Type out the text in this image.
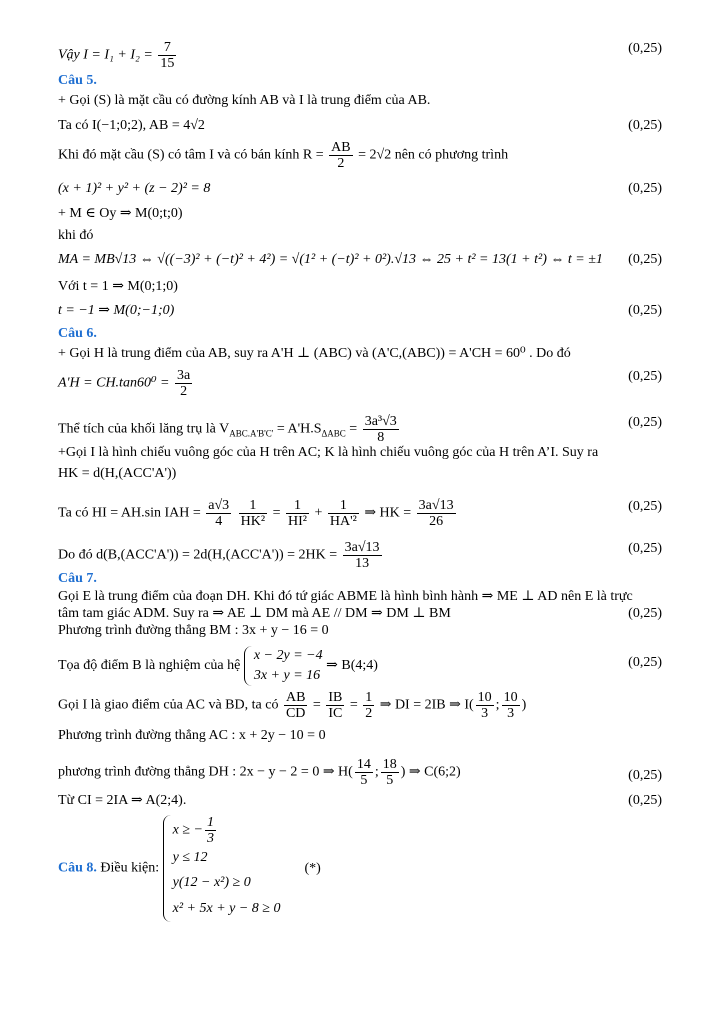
Vậy $I = I_1 + I_2 = \frac{7}{15}$	(0,25)
Câu 5.
+ Gọi (S) là mặt cầu có đường kính AB và I là trung điểm của AB.
Ta có I(−1;0;2), AB = 4√2	(0,25)
Khi đó mặt cầu (S) có tâm I và có bán kính $R = \frac{AB}{2} = 2√2$ nên có phương trình
(x + 1)² + y² + (z − 2)² = 8	(0,25)
+ M ∈ Oy ⇒ M(0;t;0)
khi đó
MA = MB√13 ⇔ √((−3)² + (−t)² + 4²) = √(1² + (−t)² + 0²).√13 ⇔ 25 + t² = 13(1 + t²) ⇔ t = ±1 (0,25)
Với t = 1 ⇒ M(0;1;0)
t = −1 ⇒ M(0;−1;0)	(0,25)
Câu 6.
+ Gọi H là trung điểm của AB, suy ra A'H ⊥ (ABC) và (A'C,(ABC)) = A'CH = 60⁰ . Do đó
$A'H = CH.\tan 60^0 = \frac{3a}{2}$	(0,25)
Thể tích của khối lăng trụ là $V_{ABC.A'B'C'} = A'H.S_{\Delta ABC} = \frac{\text{3a³√3}}{8}$	(0,25)
+Gọi I là hình chiếu vuông góc của H trên AC; K là hình chiếu vuông góc của H trên A’I. Suy ra
HK = d(H,(ACC'A'))
Ta có HI = AH.sin IAH = $\frac{a√3}{4}$
$\frac{1}{\text{HK²}} = \frac{1}{\text{HI²}} + \frac{1}{\text{HA'²}}$ ⇒ HK = $\frac{3a√13}{26}$	(0,25)
Do đó $d(B,(ACC'A')) = 2d(H,(ACC'A')) = 2HK = \frac{3a√13}{13}$	(0,25)
Câu 7.
Gọi E là trung điểm của đoạn DH. Khi đó tứ giác ABME là hình bình hành ⇒ ME ⊥ AD nên E là trực
tâm tam giác ADM. Suy ra ⇒ AE ⊥ DM mà AE // DM ⇒ DM ⊥ BM	(0,25)
Phương trình đường thẳng BM : 3x + y − 16 = 0
Tọa độ điểm B là nghiệm của hệ
x − 2y = −4
3x + y = 16
⇒ B(4;4)	(0,25)
Gọi I là giao điểm của AC và BD, ta có $\frac{AB}{CD} = \frac{IB}{IC} = \frac{1}{2}$ ⇒ DI = 2IB ⇒ $I( \frac{10}{3}$ ; $\frac{10}{3}$ )
Phương trình đường thẳng AC : x + 2y − 10 = 0
phương trình đường thẳng DH : 2x − y − 2 = 0 ⇒ $H( \frac{14}{5}$ ; $\frac{18}{5}$ ) ⇒ C(6;2)	(0,25)
Từ CI = 2IA ⇒ A(2;4).	(0,25)
Câu 8. Điều kiện:
x ≥ − $\frac{1}{3}$
y ≤ 12
y(12 − x²) ≥ 0
x² + 5x + y − 8 ≥ 0
(*)
